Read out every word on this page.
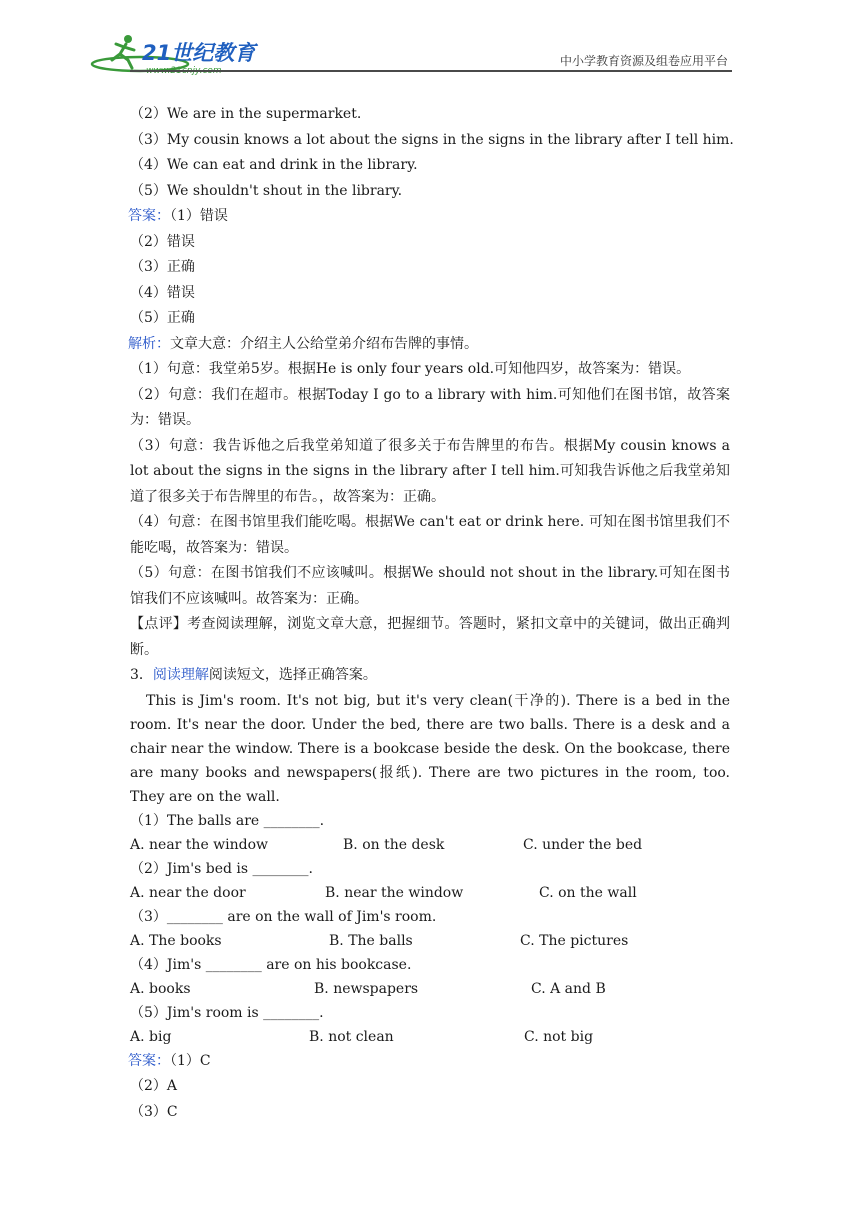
21世纪教育	中小学教育资源及组卷应用平台
（2）We are in the supermarket.
（3）My cousin knows a lot about the signs in the signs in the library after I tell him.
（4）We can eat and drink in the library.
（5）We shouldn't shout in the library.
答案：（1）错误
（2）错误
（3）正确
（4）错误
（5）正确
解析：文章大意：介绍主人公给堂弟介绍布告牌的事情。
（1）句意：我堂弟5岁。根据He is only four years old.可知他四岁，故答案为：错误。
（2）句意：我们在超市。根据Today I go to a library with him.可知他们在图书馆，故答案为：错误。
（3）句意：我告诉他之后我堂弟知道了很多关于布告牌里的布告。根据My cousin knows a lot about the signs in the signs in the library after I tell him.可知我告诉他之后我堂弟知道了很多关于布告牌里的布告。，故答案为：正确。
（4）句意：在图书馆里我们能吃喝。根据We can't eat or drink here. 可知在图书馆里我们不能吃喝，故答案为：错误。
（5）句意：在图书馆我们不应该喊叫。根据We should not shout in the library.可知在图书馆我们不应该喊叫。故答案为：正确。
【点评】考查阅读理解，浏览文章大意，把握细节。答题时，紧扣文章中的关键词，做出正确判断。
3．阅读理解阅读短文，选择正确答案。
This is Jim's room. It's not big, but it's very clean(干净的). There is a bed in the room. It's near the door. Under the bed, there are two balls. There is a desk and a chair near the window. There is a bookcase beside the desk. On the bookcase, there are many books and newspapers(报纸). There are two pictures in the room, too. They are on the wall.
（1）The balls are ________.
A. near the window	B. on the desk	C. under the bed
（2）Jim's bed is ________.
A. near the door	B. near the window	C. on the wall
（3）________ are on the wall of Jim's room.
A. The books	B. The balls	C. The pictures
（4）Jim's ________ are on his bookcase.
A. books	B. newspapers	C. A and B
（5）Jim's room is ________.
A. big	B. not clean	C. not big
答案：（1）C
（2）A
（3）C
